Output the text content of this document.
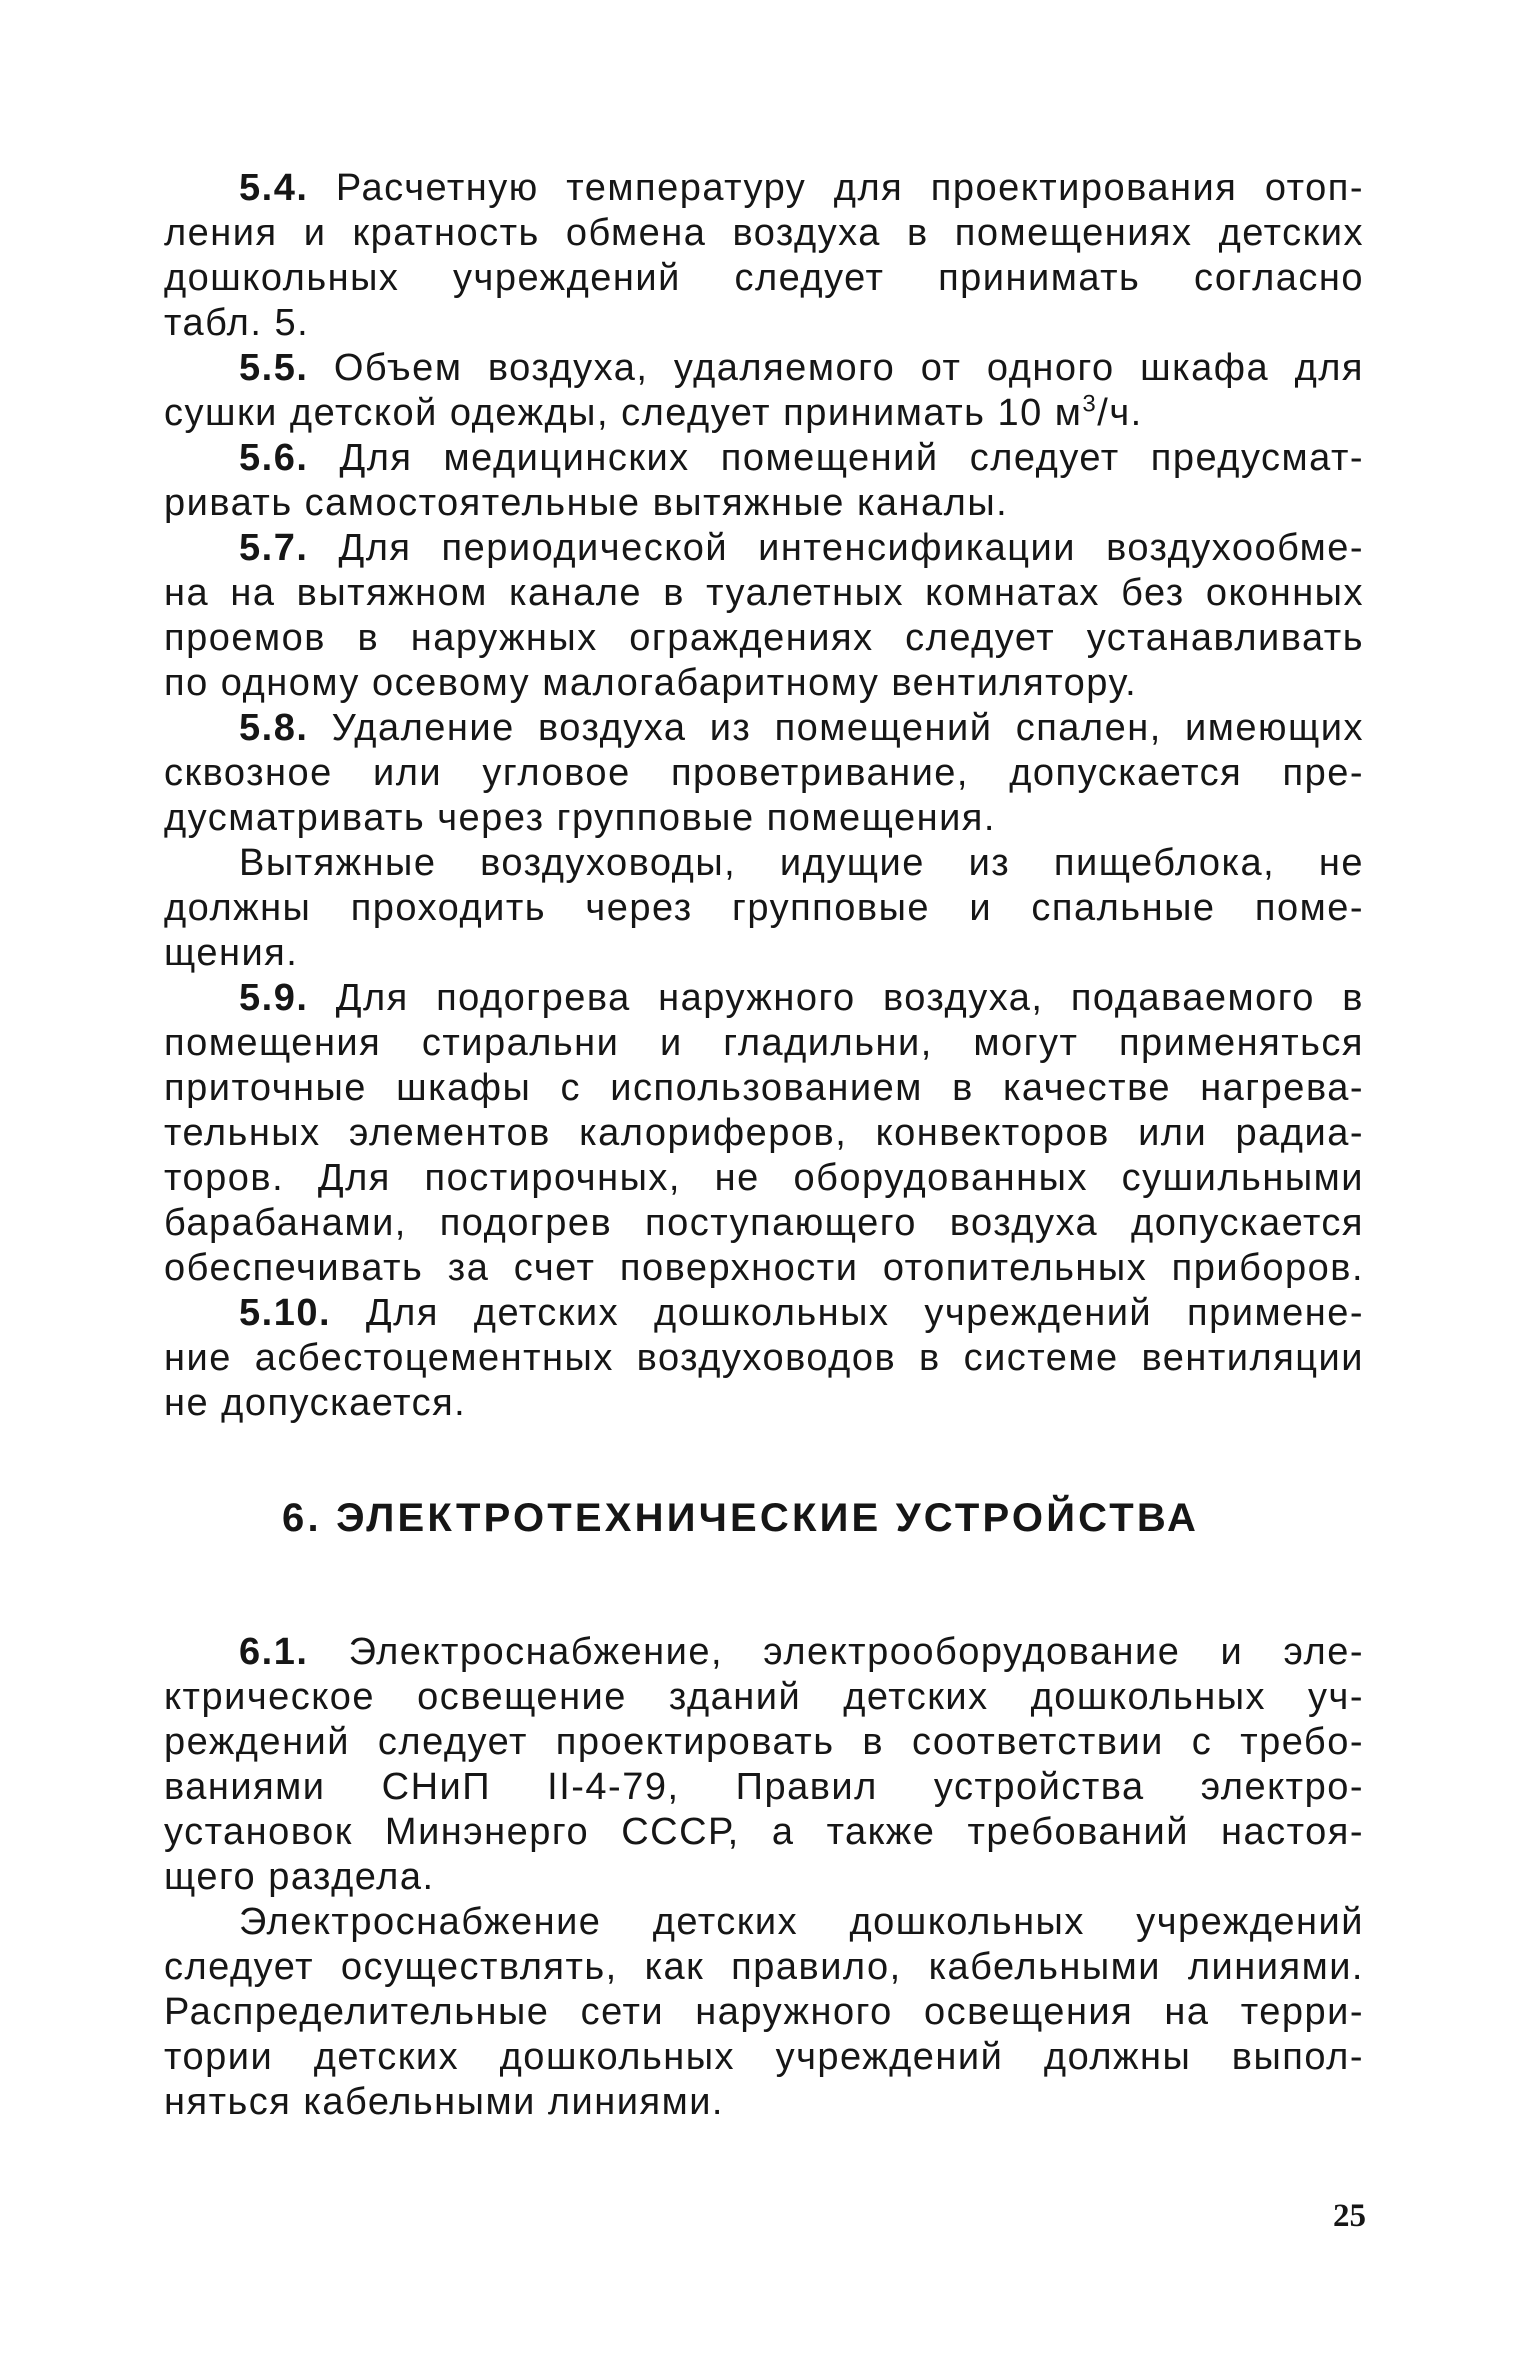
5.4. Расчетную температуру для проектирования отоп-
ления и кратность обмена воздуха в помещениях детских
дошкольных учреждений следует принимать согласно
табл. 5.
5.5. Объем воздуха, удаляемого от одного шкафа для
сушки детской одежды, следует принимать 10 $м^3/ч$.
5.6. Для медицинских помещений следует предусмат-
ривать самостоятельные вытяжные каналы.
5.7. Для периодической интенсификации воздухообме-
на на вытяжном канале в туалетных комнатах без оконных
проемов в наружных ограждениях следует устанавливать
по одному осевому малогабаритному вентилятору.
5.8. Удаление воздуха из помещений спален, имеющих
сквозное или угловое проветривание, допускается пре-
дусматривать через групповые помещения.
Вытяжные воздуховоды, идущие из пищеблока, не
должны проходить через групповые и спальные поме-
щения.
5.9. Для подогрева наружного воздуха, подаваемого в
помещения стиральни и гладильни, могут применяться
приточные шкафы с использованием в качестве нагрева-
тельных элементов калориферов, конвекторов или радиа-
торов. Для постирочных, не оборудованных сушильными
барабанами, подогрев поступающего воздуха допускается
обеспечивать за счет поверхности отопительных приборов.
5.10. Для детских дошкольных учреждений примене-
ние асбестоцементных воздуховодов в системе вентиляции
не допускается.
6. ЭЛЕКТРОТЕХНИЧЕСКИЕ УСТРОЙСТВА
6.1. Электроснабжение, электрооборудование и эле-
ктрическое освещение зданий детских дошкольных уч-
реждений следует проектировать в соответствии с требо-
ваниями СНиП II-4-79, Правил устройства электро-
установок Минэнерго СССР, а также требований настоя-
щего раздела.
Электроснабжение детских дошкольных учреждений
следует осуществлять, как правило, кабельными линиями.
Распределительные сети наружного освещения на терри-
тории детских дошкольных учреждений должны выпол-
няться кабельными линиями.
25
